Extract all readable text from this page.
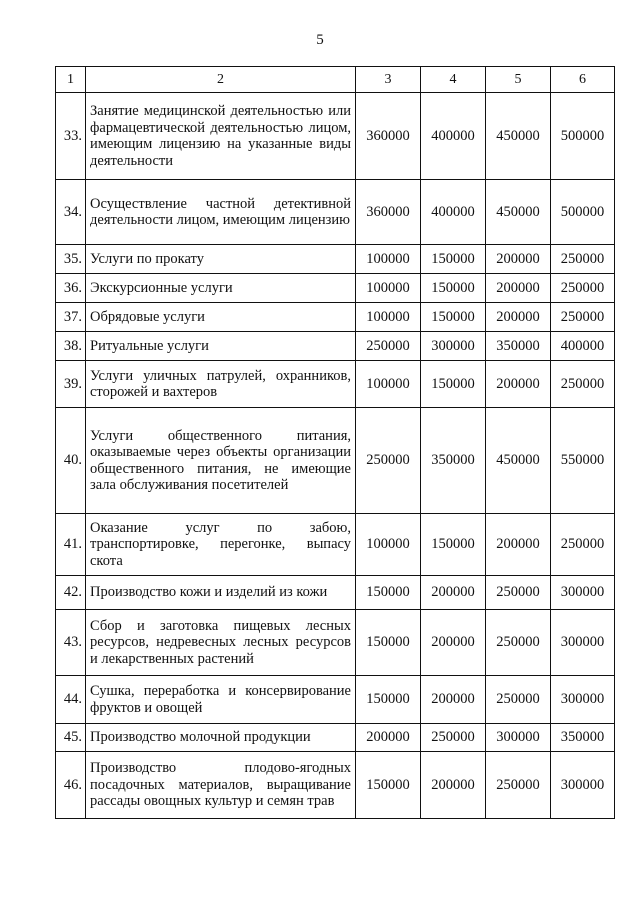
5
1	2	3	4	5	6
33.	Занятие медицинской деятельностью или фармацевтической деятельностью лицом, имеющим лицензию на указанные виды деятельности	360000	400000	450000	500000
34.	Осуществление частной детективной деятельности лицом, имеющим лицензию	360000	400000	450000	500000
35.	Услуги по прокату	100000	150000	200000	250000
36.	Экскурсионные услуги	100000	150000	200000	250000
37.	Обрядовые услуги	100000	150000	200000	250000
38.	Ритуальные услуги	250000	300000	350000	400000
39.	Услуги уличных патрулей, охранников, сторожей и вахтеров	100000	150000	200000	250000
40.	Услуги общественного питания, оказываемые через объекты организации общественного питания, не имеющие зала обслуживания посетителей	250000	350000	450000	550000
41.	Оказание услуг по забою, транспортировке, перегонке, выпасу скота	100000	150000	200000	250000
42.	Производство кожи и изделий из кожи	150000	200000	250000	300000
43.	Сбор и заготовка пищевых лесных ресурсов, недревесных лесных ресурсов и лекарственных растений	150000	200000	250000	300000
44.	Сушка, переработка и консервирование фруктов и овощей	150000	200000	250000	300000
45.	Производство молочной продукции	200000	250000	300000	350000
46.	Производство плодово-ягодных посадочных материалов, выращивание рассады овощных культур и семян трав	150000	200000	250000	300000
